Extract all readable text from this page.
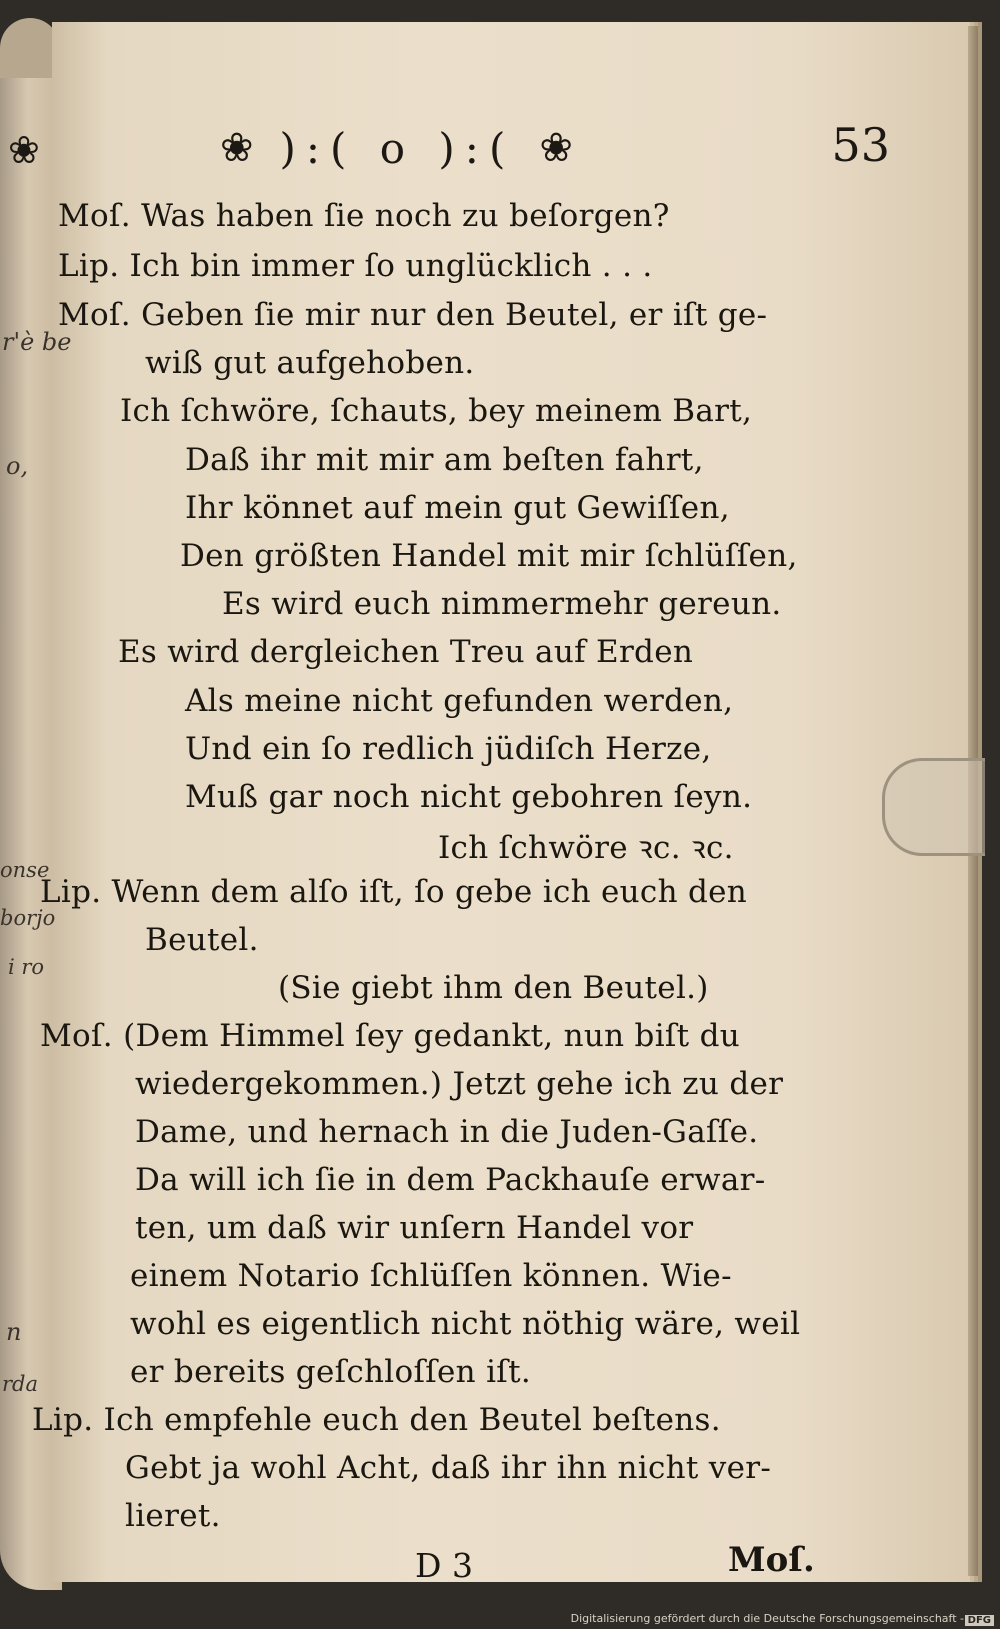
r'è be
o,
onse
borjo
i ro
n
rda
❀	❀ ):( o ):( ❀	53
Moſ. Was haben ſie noch zu beſorgen?
Lip. Ich bin immer ſo unglücklich . . .
Moſ. Geben ſie mir nur den Beutel, er iſt ge-
wiß gut aufgehoben.
Ich ſchwöre, ſchauts, bey meinem Bart,
Daß ihr mit mir am beſten fahrt,
Ihr könnet auf mein gut Gewiſſen,
Den größten Handel mit mir ſchlüſſen,
Es wird euch nimmermehr gereun.
Es wird dergleichen Treu auf Erden
Als meine nicht gefunden werden,
Und ein ſo redlich jüdiſch Herze,
Muß gar noch nicht gebohren ſeyn.
Ich ſchwöre ꝛc. ꝛc.
Lip. Wenn dem alſo iſt, ſo gebe ich euch den
Beutel.
(Sie giebt ihm den Beutel.)
Moſ. (Dem Himmel ſey gedankt, nun biſt du
wiedergekommen.) Jetzt gehe ich zu der
Dame, und hernach in die Juden-Gaſſe.
Da will ich ſie in dem Packhauſe erwar-
ten, um daß wir unſern Handel vor
einem Notario ſchlüſſen können. Wie-
wohl es eigentlich nicht nöthig wäre, weil
er bereits geſchloſſen iſt.
Lip. Ich empfehle euch den Beutel beſtens.
Gebt ja wohl Acht, daß ihr ihn nicht ver-
lieret.
D 3	Moſ.
Digitalisierung gefördert durch die Deutsche Forschungsgemeinschaft - DFG
